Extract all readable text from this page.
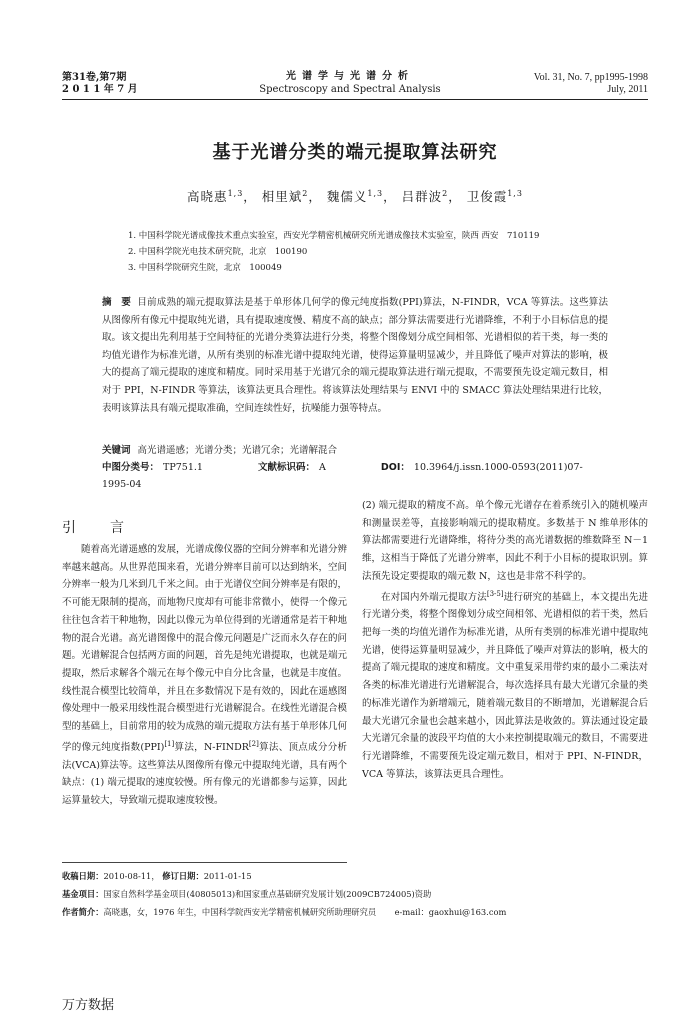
第31卷,第7期
2 0 1 1 年 7 月
光谱学与光谱分析
Spectroscopy and Spectral Analysis
Vol. 31, No. 7, pp1995-1998
July, 2011
基于光谱分类的端元提取算法研究
高晓惠$^{1,3}$， 相里斌$^2$， 魏儒义$^{1,3}$， 吕群波$^2$， 卫俊霞$^{1,3}$
1. 中国科学院光谱成像技术重点实验室，西安光学精密机械研究所光谱成像技术实验室，陕西 西安　710119
2. 中国科学院光电技术研究院，北京　100190
3. 中国科学院研究生院，北京　100049
摘　要 目前成熟的端元提取算法是基于单形体几何学的像元纯度指数(PPI)算法，N-FINDR，VCA 等算法。这些算法从图像所有像元中提取纯光谱，具有提取速度慢、精度不高的缺点；部分算法需要进行光谱降维，不利于小目标信息的提取。该文提出先利用基于空间特征的光谱分类算法进行分类，将整个图像划分成空间相邻、光谱相似的若干类，每一类的均值光谱作为标准光谱，从所有类别的标准光谱中提取纯光谱，使得运算量明显减少，并且降低了噪声对算法的影响，极大的提高了端元提取的速度和精度。同时采用基于光谱冗余的端元提取算法进行端元提取，不需要预先设定端元数目，相对于 PPI，N-FINDR 等算法，该算法更具合理性。将该算法处理结果与 ENVI 中的 SMACC 算法处理结果进行比较，表明该算法具有端元提取准确，空间连续性好，抗噪能力强等特点。
关键词 高光谱遥感；光谱分类；光谱冗余；光谱解混合
中图分类号： TP751.1	文献标识码： A	DOI： 10.3964/j.issn.1000-0593(2011)07-1995-04
引　言

随着高光谱遥感的发展，光谱成像仪器的空间分辨率和光谱分辨率越来越高。从世界范围来看，光谱分辨率目前可以达到纳米，空间分辨率一般为几米到几千米之间。由于光谱仪空间分辨率是有限的，不可能无限制的提高，而地物尺度却有可能非常微小，使得一个像元往往包含若干种地物，因此以像元为单位得到的光谱通常是若干种地物的混合光谱。高光谱图像中的混合像元问题是广泛而永久存在的问题。光谱解混合包括两方面的问题，首先是纯光谱提取，也就是端元提取，然后求解各个端元在每个像元中自分比含量，也就是丰度值。线性混合模型比较简单，并且在多数情况下是有效的，因此在遥感图像处理中一般采用线性混合模型进行光谱解混合。在线性光谱混合模型的基础上，目前常用的较为成熟的端元提取方法有基于单形体几何学的像元纯度指数(PPI)[1]算法，N-FINDR[2]算法、顶点成分分析法(VCA)算法等。这些算法从图像所有像元中提取纯光谱，具有两个缺点：(1) 端元提取的速度较慢。所有像元的光谱都参与运算，因此运算量较大，导致端元提取速度较慢。

(2) 端元提取的精度不高。单个像元光谱存在着系统引入的随机噪声和测量误差等，直接影响端元的提取精度。多数基于 N 维单形体的算法都需要进行光谱降维，将待分类的高光谱数据的维数降至 N－1 维，这相当于降低了光谱分辨率，因此不利于小目标的提取识别。算法预先设定要提取的端元数 N，这也是非常不科学的。

在对国内外端元提取方法[3-5]进行研究的基础上，本文提出先进行光谱分类，将整个图像划分成空间相邻、光谱相似的若干类，然后把每一类的均值光谱作为标准光谱，从所有类别的标准光谱中提取纯光谱，使得运算量明显减少，并且降低了噪声对算法的影响，极大的提高了端元提取的速度和精度。文中重复采用带约束的最小二乘法对各类的标准光谱进行光谱解混合，每次选择具有最大光谱冗余量的类的标准光谱作为新增端元，随着端元数目的不断增加，光谱解混合后最大光谱冗余量也会越来越小，因此算法是收敛的。算法通过设定最大光谱冗余量的波段平均值的大小来控制提取端元的数目，不需要进行光谱降维，不需要预先设定端元数目，相对于 PPI、N-FINDR，VCA 等算法，该算法更具合理性。

收稿日期：2010-08-11， 修订日期：2011-01-15
基金项目：国家自然科学基金项目(40805013)和国家重点基础研究发展计划(2009CB724005)资助
作者简介：高晓惠，女，1976 年生，中国科学院西安光学精密机械研究所助理研究员 e-mail：gaoxhui@163.com
万方数据
